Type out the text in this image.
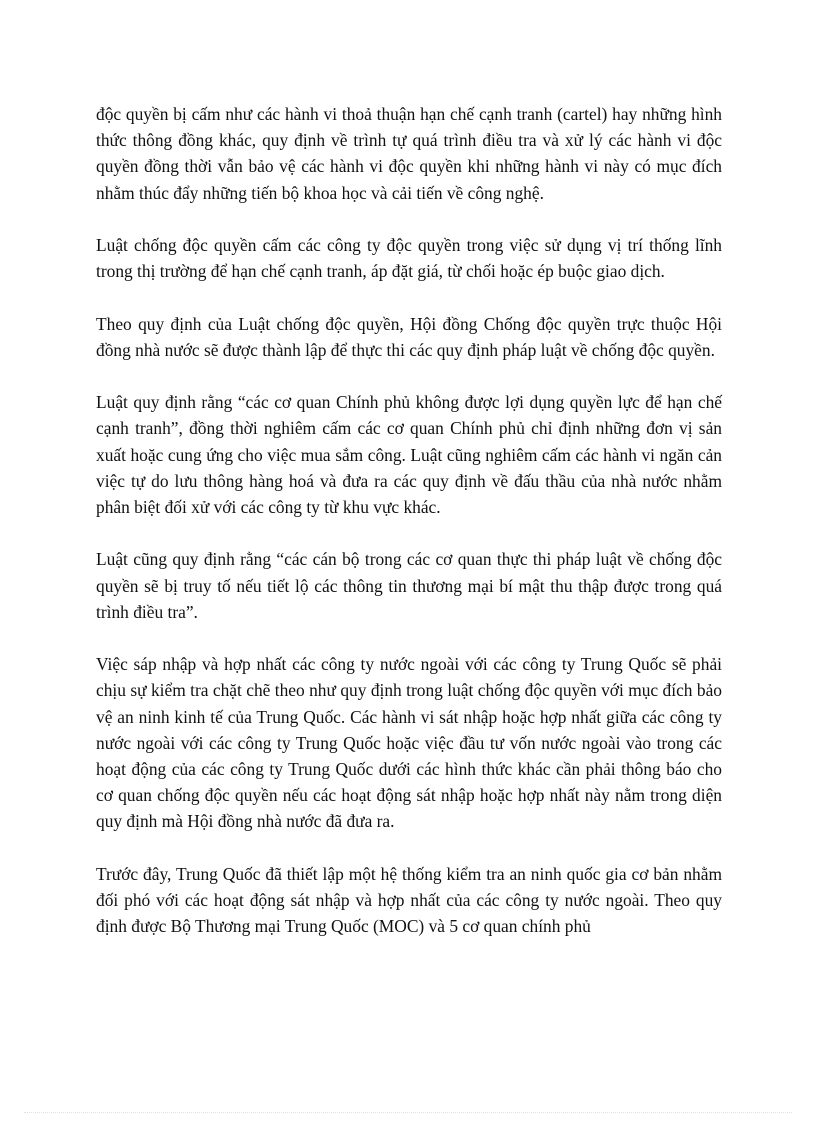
độc quyền bị cấm như các hành vi thoả thuận hạn chế cạnh tranh (cartel) hay những hình thức thông đồng khác, quy định về trình tự quá trình điều tra và xử lý các hành vi độc quyền đồng thời vẫn bảo vệ các hành vi độc quyền khi những hành vi này có mục đích nhằm thúc đẩy những tiến bộ khoa học và cải tiến về công nghệ.

Luật chống độc quyền cấm các công ty độc quyền trong việc sử dụng vị trí thống lĩnh trong thị trường để hạn chế cạnh tranh, áp đặt giá, từ chối hoặc ép buộc giao dịch.

Theo quy định của Luật chống độc quyền, Hội đồng Chống độc quyền trực thuộc Hội đồng nhà nước sẽ được thành lập để thực thi các quy định pháp luật về chống độc quyền.

Luật quy định rằng “các cơ quan Chính phủ không được lợi dụng quyền lực để hạn chế cạnh tranh”, đồng thời nghiêm cấm các cơ quan Chính phủ chỉ định những đơn vị sản xuất hoặc cung ứng cho việc mua sắm công. Luật cũng nghiêm cấm các hành vi ngăn cản việc tự do lưu thông hàng hoá và đưa ra các quy định về đấu thầu của nhà nước nhằm phân biệt đối xử với các công ty từ khu vực khác.

Luật cũng quy định rằng “các cán bộ trong các cơ quan thực thi pháp luật về chống độc quyền sẽ bị truy tố nếu tiết lộ các thông tin thương mại bí mật thu thập được trong quá trình điều tra”.

Việc sáp nhập và hợp nhất các công ty nước ngoài với các công ty Trung Quốc sẽ phải chịu sự kiểm tra chặt chẽ theo như quy định trong luật chống độc quyền với mục đích bảo vệ an ninh kinh tế của Trung Quốc. Các hành vi sát nhập hoặc hợp nhất giữa các công ty nước ngoài với các công ty Trung Quốc hoặc việc đầu tư vốn nước ngoài vào trong các hoạt động của các công ty Trung Quốc dưới các hình thức khác cần phải thông báo cho cơ quan chống độc quyền nếu các hoạt động sát nhập hoặc hợp nhất này nằm trong diện quy định mà Hội đồng nhà nước đã đưa ra.

Trước đây, Trung Quốc đã thiết lập một hệ thống kiểm tra an ninh quốc gia cơ bản nhằm đối phó với các hoạt động sát nhập và hợp nhất của các công ty nước ngoài. Theo quy định được Bộ Thương mại Trung Quốc (MOC) và 5 cơ quan chính phủ
